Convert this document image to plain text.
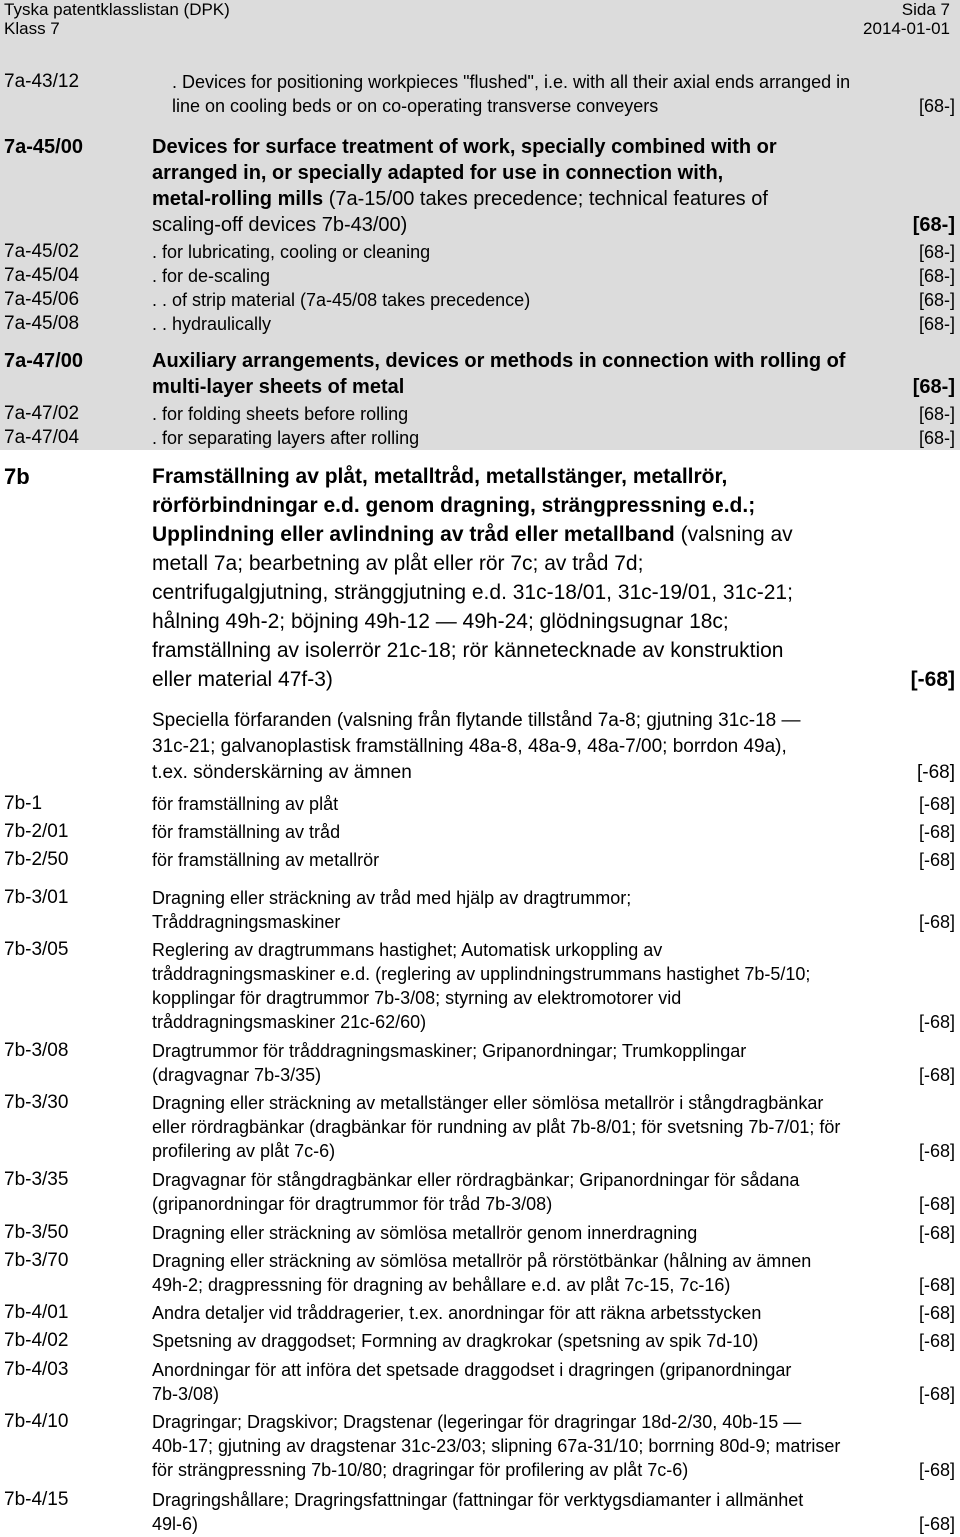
Tyska patentklasslistan (DPK)
Klass 7
Sida 7
2014-01-01
7a-43/12	. Devices for positioning workpieces "flushed", i.e. with all their axial ends arranged in
line on cooling beds or on co-operating transverse conveyers	[68-]
7a-45/00	Devices for surface treatment of work, specially combined with or
arranged in, or specially adapted for use in connection with,
metal-rolling mills (7a-15/00 takes precedence; technical features of
scaling-off devices 7b-43/00)	[68-]
7a-45/02	. for lubricating, cooling or cleaning	[68-]
7a-45/04	. for de-scaling	[68-]
7a-45/06	. . of strip material (7a-45/08 takes precedence)	[68-]
7a-45/08	. . hydraulically	[68-]
7a-47/00	Auxiliary arrangements, devices or methods in connection with rolling of
multi-layer sheets of metal	[68-]
7a-47/02	. for folding sheets before rolling	[68-]
7a-47/04	. for separating layers after rolling	[68-]
7b	Framställning av plåt, metalltråd, metallstänger, metallrör,
rörförbindningar e.d. genom dragning, strängpressning e.d.;
Upplindning eller avlindning av tråd eller metallband (valsning av
metall 7a; bearbetning av plåt eller rör 7c; av tråd 7d;
centrifugalgjutning, stränggjutning e.d. 31c-18/01, 31c-19/01, 31c-21;
hålning 49h-2; böjning 49h-12 — 49h-24; glödningsugnar 18c;
framställning av isolerrör 21c-18; rör kännetecknade av konstruktion
eller material 47f-3)	[-68]
Speciella förfaranden (valsning från flytande tillstånd 7a-8; gjutning 31c-18 —
31c-21; galvanoplastisk framställning 48a-8, 48a-9, 48a-7/00; borrdon 49a),
t.ex. sönderskärning av ämnen	[-68]
7b-1	för framställning av plåt	[-68]
7b-2/01	för framställning av tråd	[-68]
7b-2/50	för framställning av metallrör	[-68]
7b-3/01	Dragning eller sträckning av tråd med hjälp av dragtrummor;
Tråddragningsmaskiner	[-68]
7b-3/05	Reglering av dragtrummans hastighet; Automatisk urkoppling av
tråddragningsmaskiner e.d. (reglering av upplindningstrummans hastighet 7b-5/10;
kopplingar för dragtrummor 7b-3/08; styrning av elektromotorer vid
tråddragningsmaskiner 21c-62/60)	[-68]
7b-3/08	Dragtrummor för tråddragningsmaskiner; Gripanordningar; Trumkopplingar
(dragvagnar 7b-3/35)	[-68]
7b-3/30	Dragning eller sträckning av metallstänger eller sömlösa metallrör i stångdragbänkar
eller rördragbänkar (dragbänkar för rundning av plåt 7b-8/01; för svetsning 7b-7/01; för
profilering av plåt 7c-6)	[-68]
7b-3/35	Dragvagnar för stångdragbänkar eller rördragbänkar; Gripanordningar för sådana
(gripanordningar för dragtrummor för tråd 7b-3/08)	[-68]
7b-3/50	Dragning eller sträckning av sömlösa metallrör genom innerdragning	[-68]
7b-3/70	Dragning eller sträckning av sömlösa metallrör på rörstötbänkar (hålning av ämnen
49h-2; dragpressning för dragning av behållare e.d. av plåt 7c-15, 7c-16)	[-68]
7b-4/01	Andra detaljer vid tråddragerier, t.ex. anordningar för att räkna arbetsstycken	[-68]
7b-4/02	Spetsning av draggodset; Formning av dragkrokar (spetsning av spik 7d-10)	[-68]
7b-4/03	Anordningar för att införa det spetsade draggodset i dragringen (gripanordningar
7b-3/08)	[-68]
7b-4/10	Dragringar; Dragskivor; Dragstenar (legeringar för dragringar 18d-2/30, 40b-15 —
40b-17; gjutning av dragstenar 31c-23/03; slipning 67a-31/10; borrning 80d-9; matriser
för strängpressning 7b-10/80; dragringar för profilering av plåt 7c-6)	[-68]
7b-4/15	Dragringshållare; Dragringsfattningar (fattningar för verktygsdiamanter i allmänhet
49l-6)	[-68]
